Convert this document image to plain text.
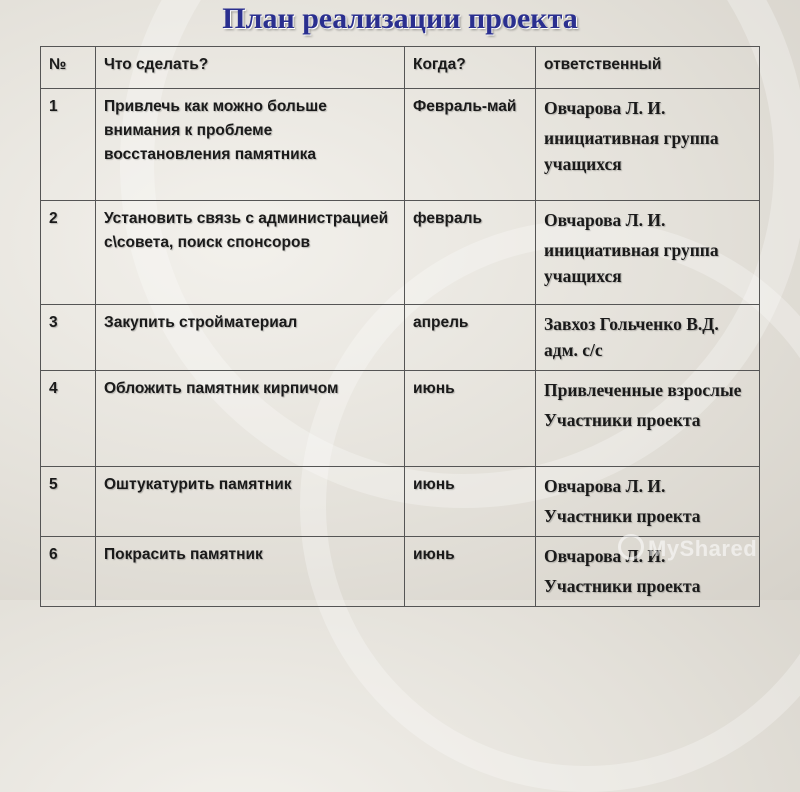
План реализации проекта
№	Что сделать?	Когда?	ответственный
1	Привлечь как можно больше внимания к проблеме восстановления памятника	Февраль-май	Овчарова Л. И.
инициативная группа учащихся

2	Установить связь с администрацией с\совета, поиск спонсоров	февраль	Овчарова Л. И.
инициативная группа учащихся

3	Закупить стройматериал	апрель	Завхоз Гольченко В.Д. адм. с/с

4	Обложить памятник кирпичом	июнь	Привлеченные взрослые
Участники проекта

5	Оштукатурить памятник	июнь	Овчарова Л. И.
Участники проекта

6	Покрасить памятник	июнь	Овчарова Л. И.
Участники проекта
MyShared
